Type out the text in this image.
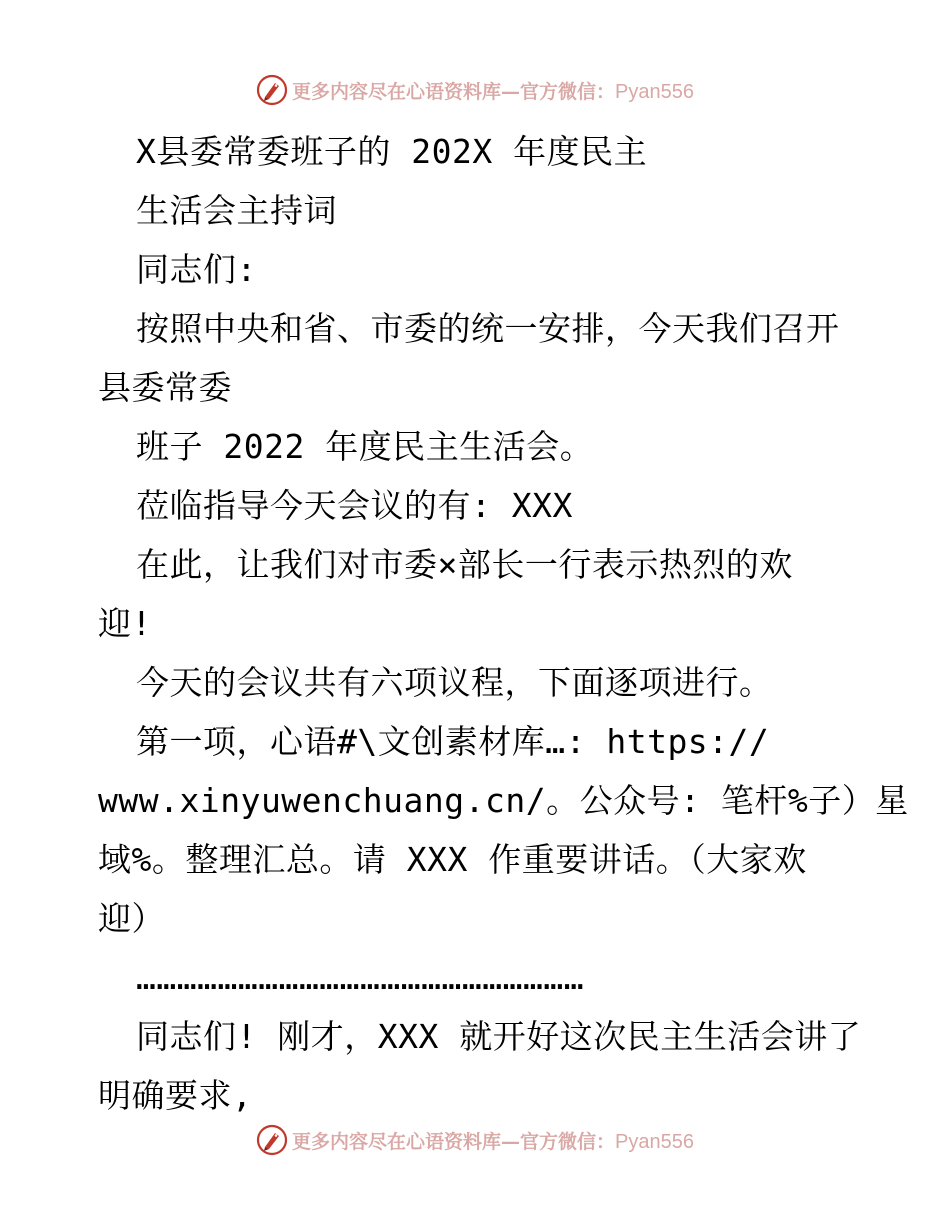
更多内容尽在心语资料库—官方微信：Pyan556
X县委常委班子的 202X 年度民主
生活会主持词
同志们:
按照中央和省、市委的统一安排，今天我们召开
县委常委
班子 2022 年度民主生活会。
莅临指导今天会议的有: XXX
在此，让我们对市委×部长一行表示热烈的欢
迎!
今天的会议共有六项议程，下面逐项进行。
第一项，心语#\文创素材库…: https://
www.xinyuwenchuang.cn/。公众号: 笔杆%子）星
域%。整理汇总。请 XXX 作重要讲话。（大家欢
迎）
…………………………………………………………
同志们! 刚才，XXX 就开好这次民主生活会讲了
明确要求,
更多内容尽在心语资料库—官方微信：Pyan556
